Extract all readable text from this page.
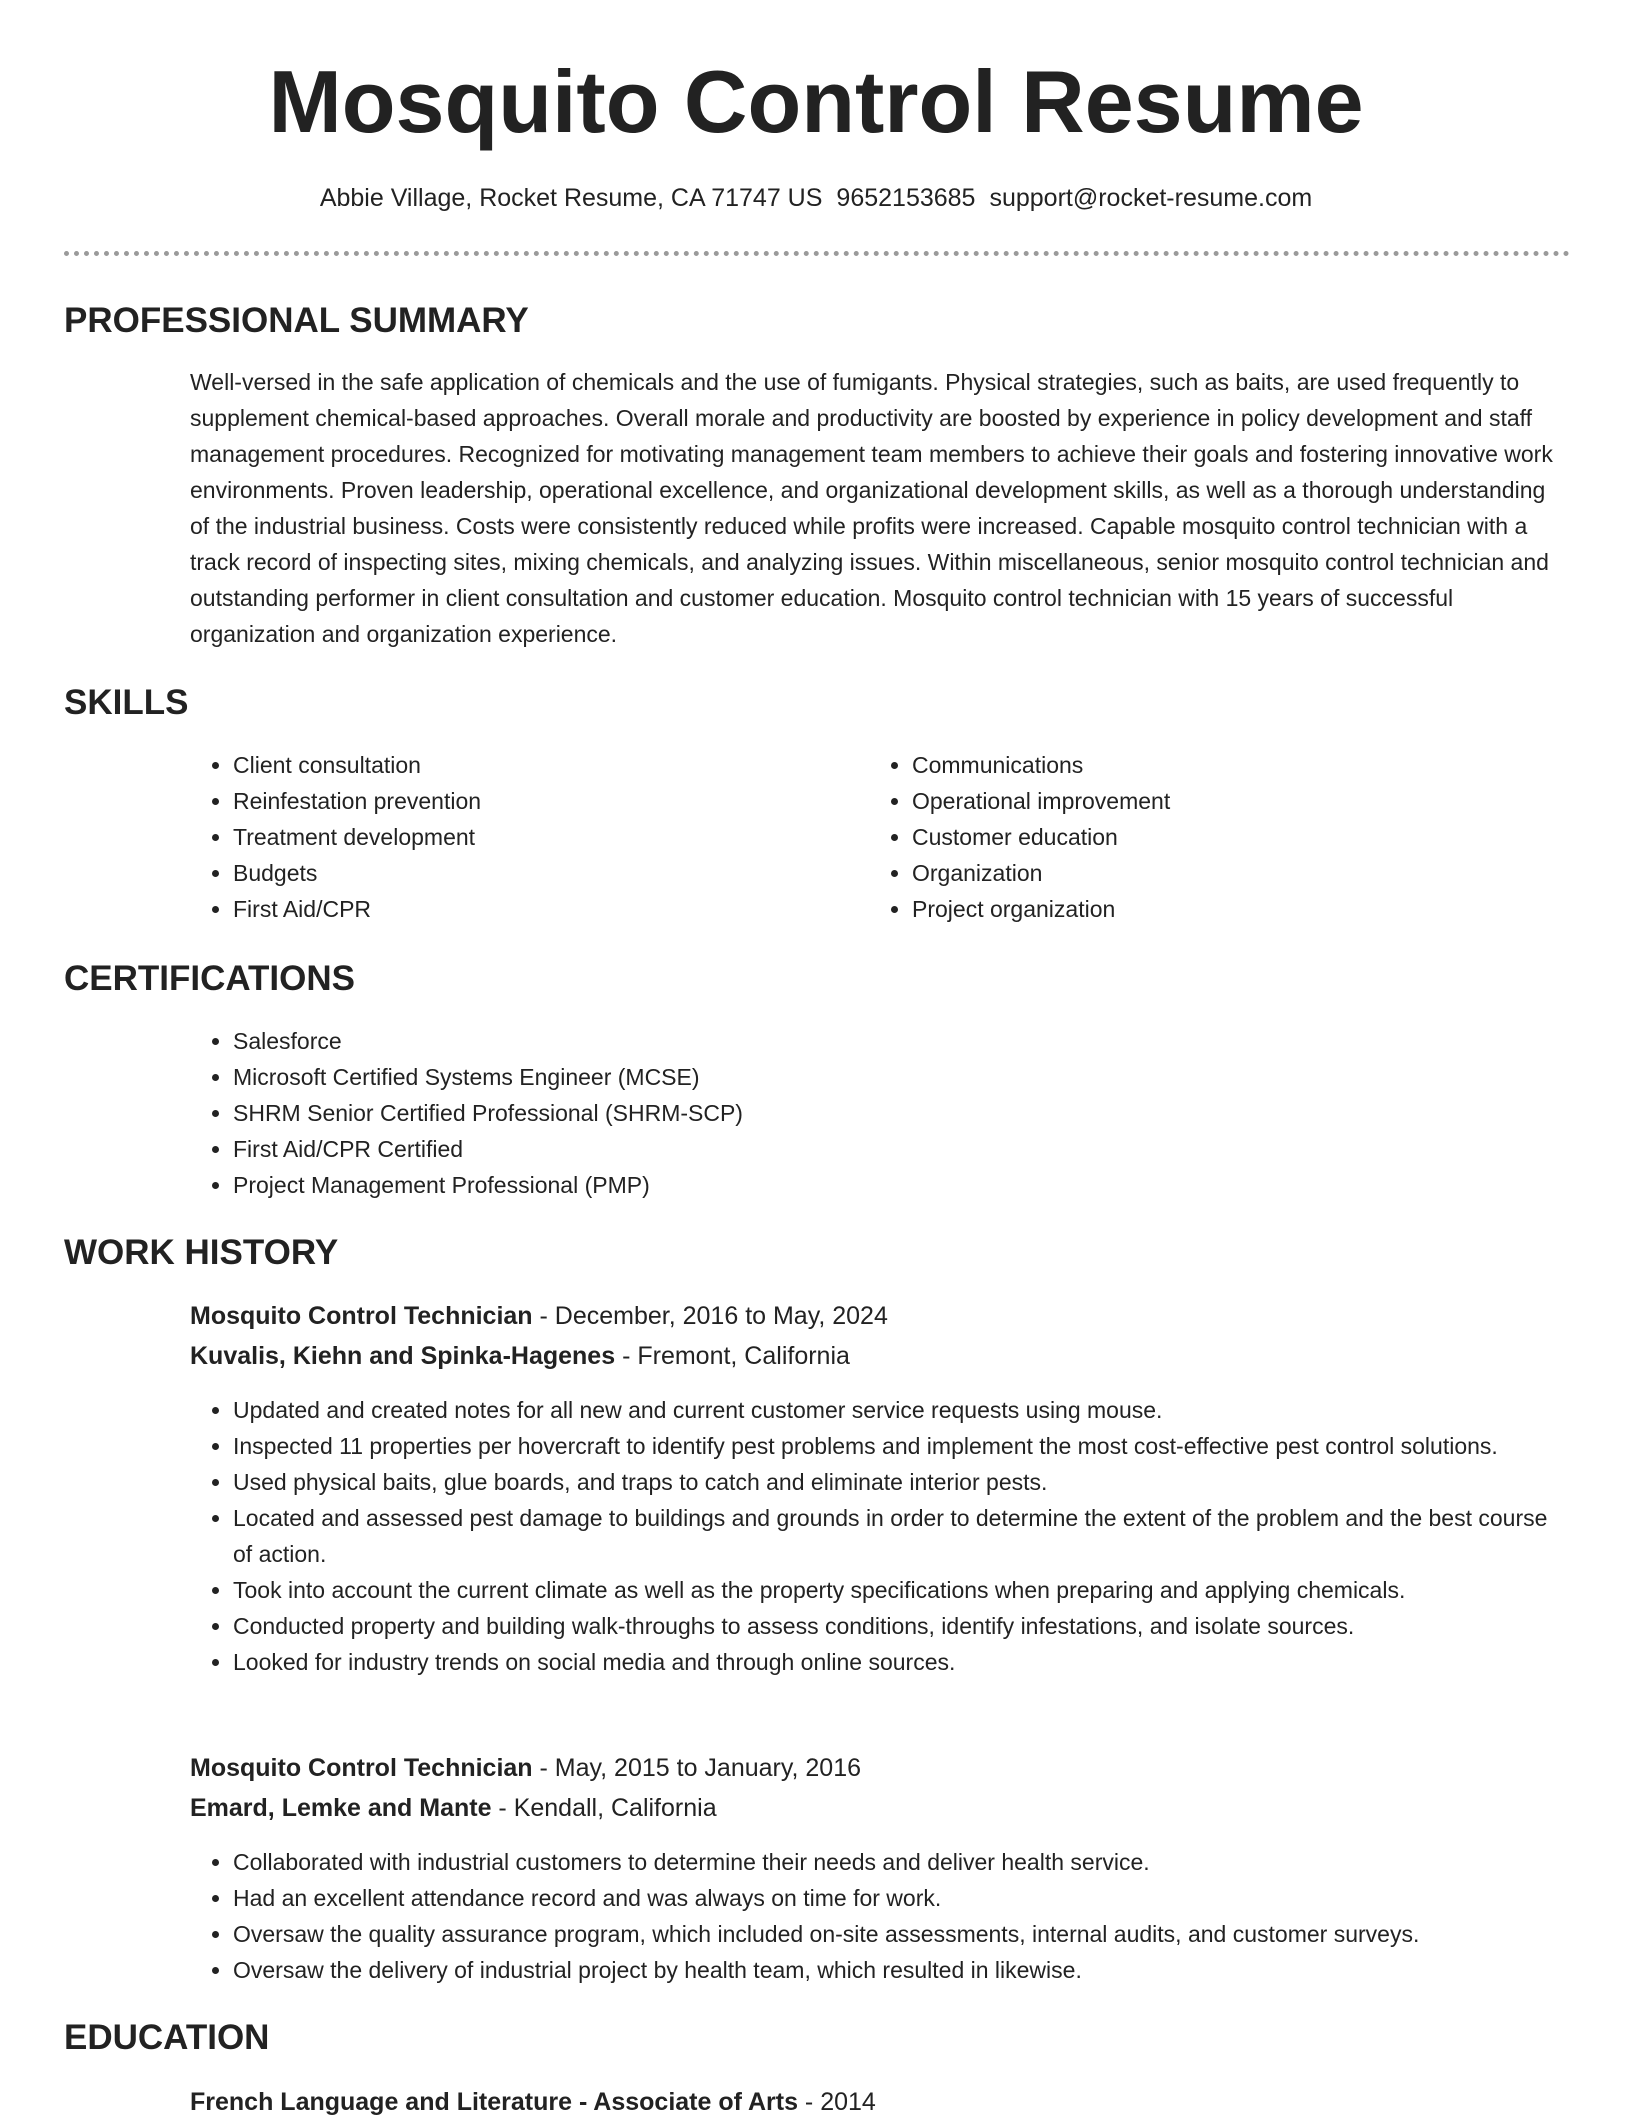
Mosquito Control Resume
Abbie Village, Rocket Resume, CA 71747 US 9652153685 support@rocket-resume.com
PROFESSIONAL SUMMARY
Well-versed in the safe application of chemicals and the use of fumigants. Physical strategies, such as baits, are used frequently to supplement chemical-based approaches. Overall morale and productivity are boosted by experience in policy development and staff management procedures. Recognized for motivating management team members to achieve their goals and fostering innovative work environments. Proven leadership, operational excellence, and organizational development skills, as well as a thorough understanding of the industrial business. Costs were consistently reduced while profits were increased. Capable mosquito control technician with a track record of inspecting sites, mixing chemicals, and analyzing issues. Within miscellaneous, senior mosquito control technician and outstanding performer in client consultation and customer education. Mosquito control technician with 15 years of successful organization and organization experience.
SKILLS
• Client consultation
• Reinfestation prevention
• Treatment development
• Budgets
• First Aid/CPR
• Communications
• Operational improvement
• Customer education
• Organization
• Project organization
CERTIFICATIONS
• Salesforce
• Microsoft Certified Systems Engineer (MCSE)
• SHRM Senior Certified Professional (SHRM-SCP)
• First Aid/CPR Certified
• Project Management Professional (PMP)
WORK HISTORY
Mosquito Control Technician - December, 2016 to May, 2024
Kuvalis, Kiehn and Spinka-Hagenes - Fremont, California
• Updated and created notes for all new and current customer service requests using mouse.
• Inspected 11 properties per hovercraft to identify pest problems and implement the most cost-effective pest control solutions.
• Used physical baits, glue boards, and traps to catch and eliminate interior pests.
• Located and assessed pest damage to buildings and grounds in order to determine the extent of the problem and the best course of action.
• Took into account the current climate as well as the property specifications when preparing and applying chemicals.
• Conducted property and building walk-throughs to assess conditions, identify infestations, and isolate sources.
• Looked for industry trends on social media and through online sources.
Mosquito Control Technician - May, 2015 to January, 2016
Emard, Lemke and Mante - Kendall, California
• Collaborated with industrial customers to determine their needs and deliver health service.
• Had an excellent attendance record and was always on time for work.
• Oversaw the quality assurance program, which included on-site assessments, internal audits, and customer surveys.
• Oversaw the delivery of industrial project by health team, which resulted in likewise.
EDUCATION
French Language and Literature - Associate of Arts - 2014
